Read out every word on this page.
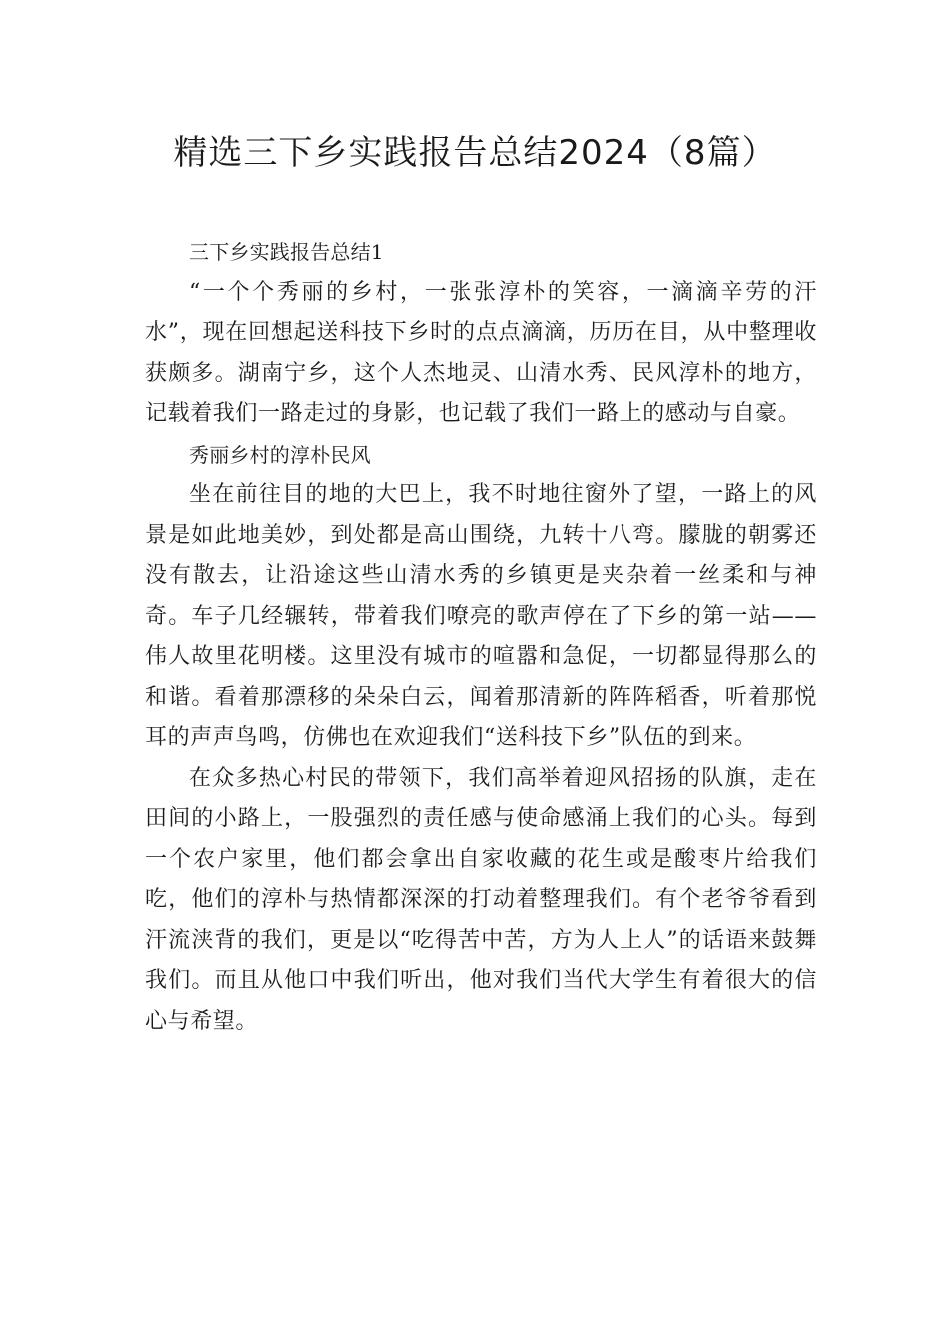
精选三下乡实践报告总结2024（8篇）

三下乡实践报告总结1

“一个个秀丽的乡村，一张张淳朴的笑容，一滴滴辛劳的汗水”，现在回想起送科技下乡时的点点滴滴，历历在目，从中整理收获颇多。湖南宁乡，这个人杰地灵、山清水秀、民风淳朴的地方，记载着我们一路走过的身影，也记载了我们一路上的感动与自豪。

秀丽乡村的淳朴民风

坐在前往目的地的大巴上，我不时地往窗外了望，一路上的风景是如此地美妙，到处都是高山围绕，九转十八弯。朦胧的朝雾还没有散去，让沿途这些山清水秀的乡镇更是夹杂着一丝柔和与神奇。车子几经辗转，带着我们嘹亮的歌声停在了下乡的第一站——伟人故里花明楼。这里没有城市的喧嚣和急促，一切都显得那么的和谐。看着那漂移的朵朵白云，闻着那清新的阵阵稻香，听着那悦耳的声声鸟鸣，仿佛也在欢迎我们“送科技下乡”队伍的到来。

在众多热心村民的带领下，我们高举着迎风招扬的队旗，走在田间的小路上，一股强烈的责任感与使命感涌上我们的心头。每到一个农户家里，他们都会拿出自家收藏的花生或是酸枣片给我们吃，他们的淳朴与热情都深深的打动着整理我们。有个老爷爷看到汗流浃背的我们，更是以“吃得苦中苦，方为人上人”的话语来鼓舞我们。而且从他口中我们听出，他对我们当代大学生有着很大的信心与希望。
